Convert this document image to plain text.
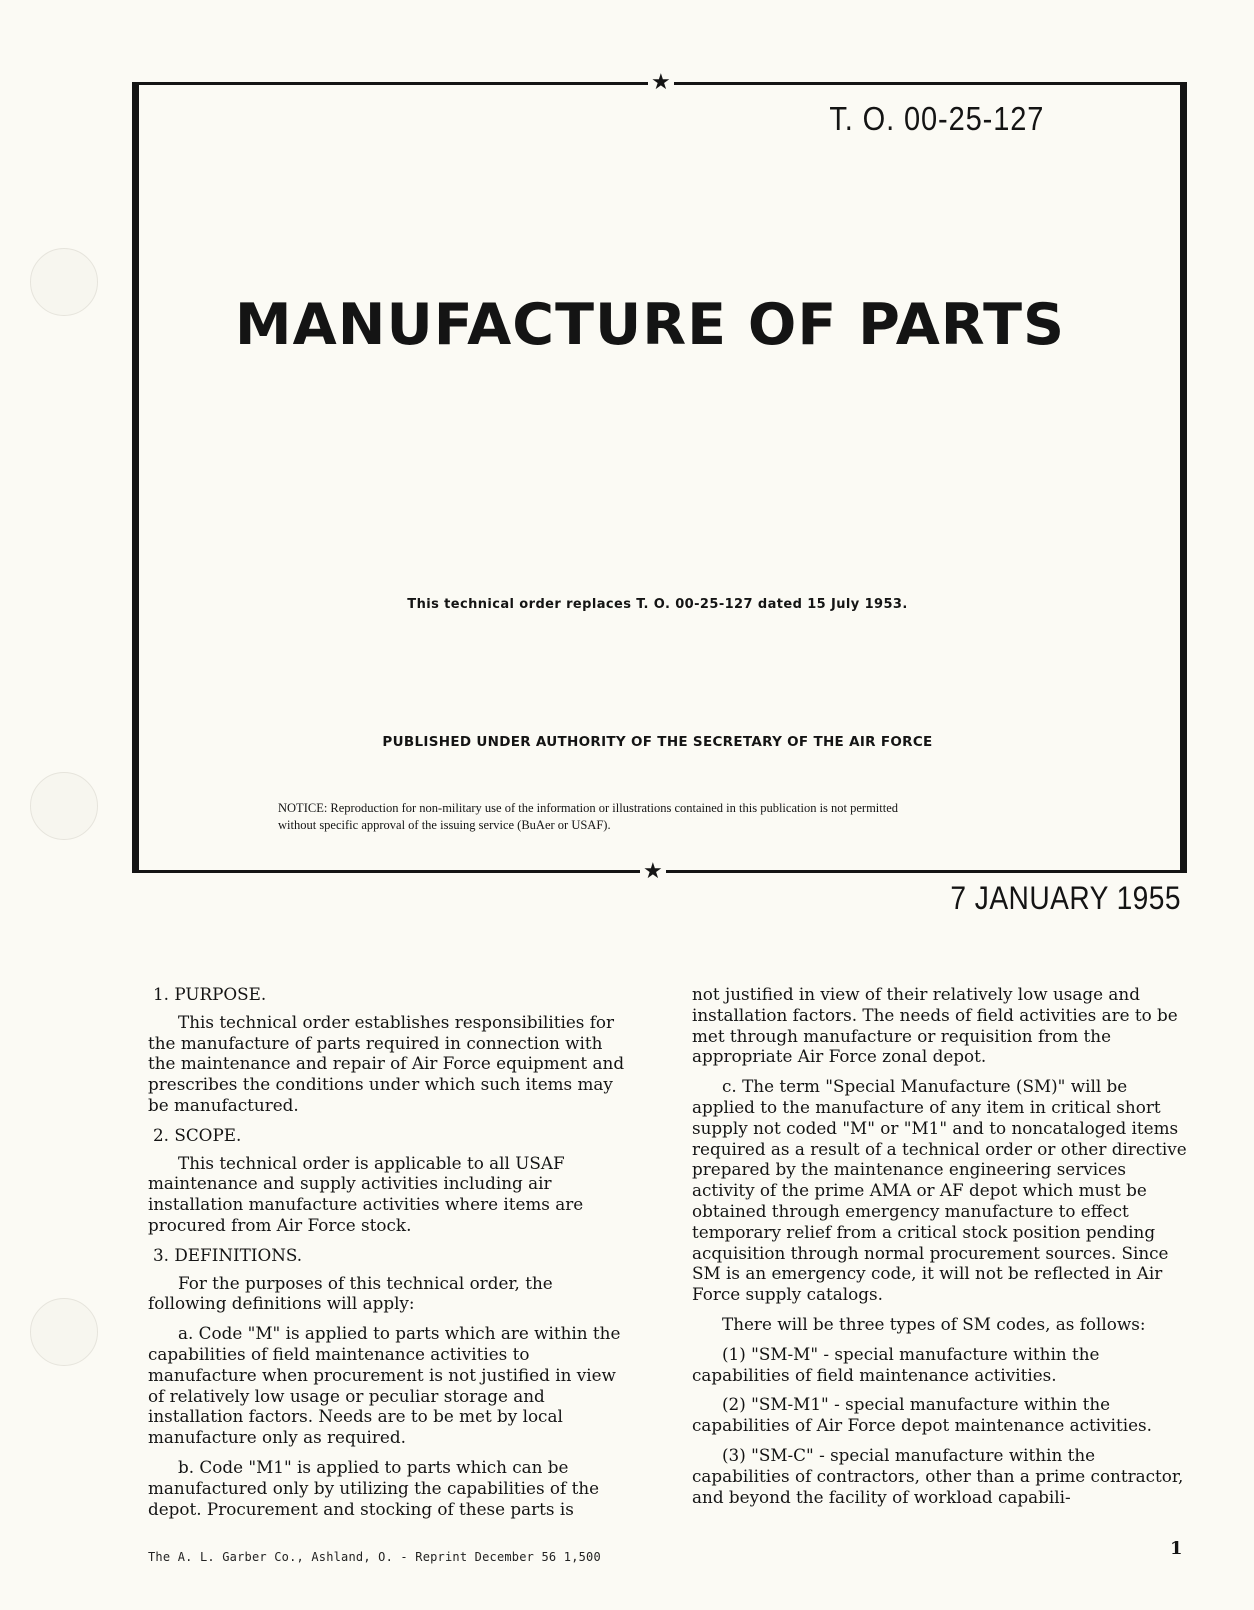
★
★
T. O. 00-25-127
MANUFACTURE OF PARTS
This technical order replaces T. O. 00-25-127 dated 15 July 1953.
PUBLISHED UNDER AUTHORITY OF THE SECRETARY OF THE AIR FORCE

NOTICE: Reproduction for non-military use of the information or illustrations contained in this publication is not permitted

without specific approval of the issuing service (BuAer or USAF).

7 JANUARY 1955

1. PURPOSE.

This technical order establishes responsibilities for the manufacture of parts required in connection with the maintenance and repair of Air Force equipment and prescribes the conditions under which such items may be manufactured.

2. SCOPE.

This technical order is applicable to all USAF maintenance and supply activities including air installation manufacture activities where items are procured from Air Force stock.

3. DEFINITIONS.

For the purposes of this technical order, the following definitions will apply:

a. Code "M" is applied to parts which are within the capabilities of field maintenance activities to manufacture when procurement is not justified in view of relatively low usage or peculiar storage and installation factors. Needs are to be met by local manufacture only as required.

b. Code "M1" is applied to parts which can be manufactured only by utilizing the capabilities of the depot. Procurement and stocking of these parts is

not justified in view of their relatively low usage and installation factors. The needs of field activities are to be met through manufacture or requisition from the appropriate Air Force zonal depot.

c. The term "Special Manufacture (SM)" will be applied to the manufacture of any item in critical short supply not coded "M" or "M1" and to noncataloged items required as a result of a technical order or other directive prepared by the maintenance engineering services activity of the prime AMA or AF depot which must be obtained through emergency manufacture to effect temporary relief from a critical stock position pending acquisition through normal procurement sources. Since SM is an emergency code, it will not be reflected in Air Force supply catalogs.

There will be three types of SM codes, as follows:

(1) "SM-M" - special manufacture within the capabilities of field maintenance activities.

(2) "SM-M1" - special manufacture within the capabilities of Air Force depot maintenance activities.

(3) "SM-C" - special manufacture within the capabilities of contractors, other than a prime contractor, and beyond the facility of workload capabili-

The A. L. Garber Co., Ashland, O. - Reprint December 56 1,500	1
